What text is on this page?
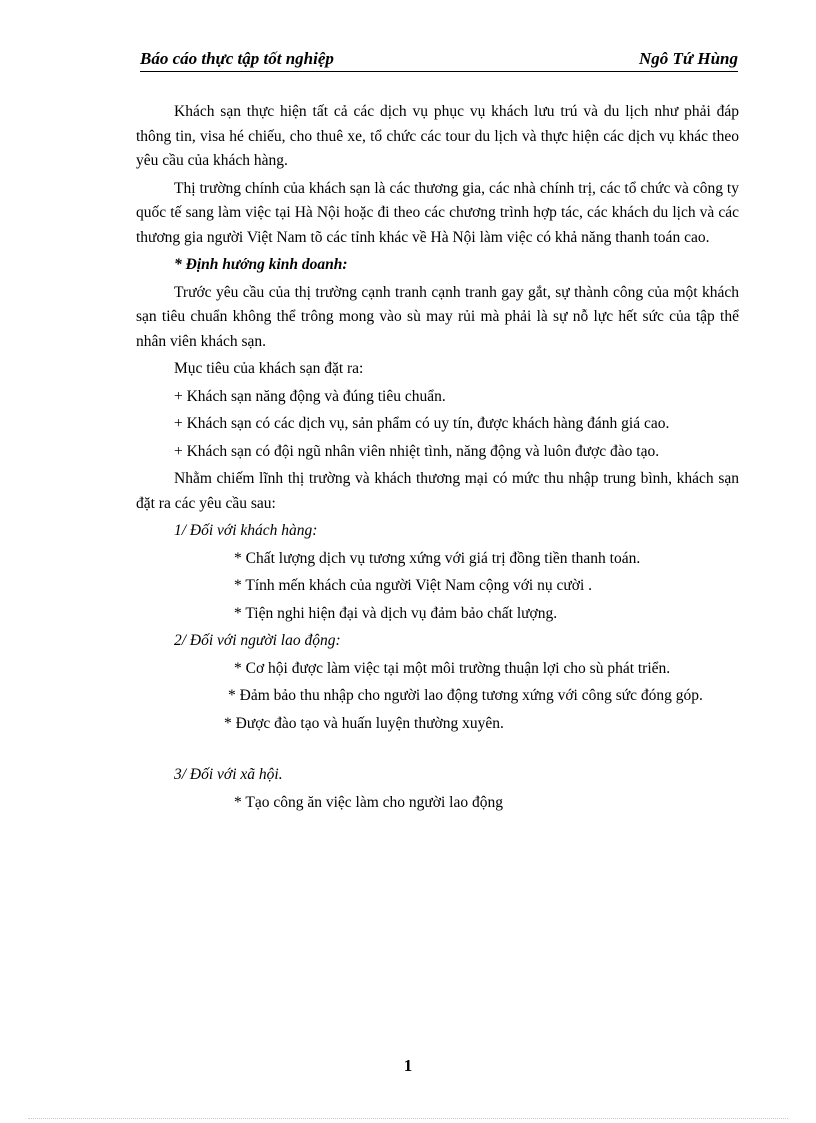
Báo cáo thực tập tốt nghiệp	Ngô Tứ Hùng

Khách sạn thực hiện tất cả các dịch vụ phục vụ khách lưu trú và du lịch như phải đáp thông tin, visa hé chiếu, cho thuê xe, tổ chức các tour du lịch và thực hiện các dịch vụ khác theo yêu cầu của khách hàng.

Thị trường chính của khách sạn là các thương gia, các nhà chính trị, các tổ chức và công ty quốc tế sang làm việc tại Hà Nội hoặc đi theo các chương trình hợp tác, các khách du lịch và các thương gia người Việt Nam tõ các tỉnh khác về Hà Nội làm việc có khả năng thanh toán cao.

* Định hướng kinh doanh:

Trước yêu cầu của thị trường cạnh tranh cạnh tranh gay gắt, sự thành công của một khách sạn tiêu chuẩn không thể trông mong vào sù may rủi mà phải là sự nỗ lực hết sức của tập thể nhân viên khách sạn.

Mục tiêu của khách sạn đặt ra:

+ Khách sạn năng động và đúng tiêu chuẩn.

+ Khách sạn có các dịch vụ, sản phẩm có uy tín, được khách hàng đánh giá cao.

+ Khách sạn có đội ngũ nhân viên nhiệt tình, năng động và luôn được đào tạo.

Nhằm chiếm lĩnh thị trường và khách thương mại có mức thu nhập trung bình, khách sạn đặt ra các yêu cầu sau:

1/ Đối với khách hàng:

* Chất lượng dịch vụ tương xứng với giá trị đồng tiền thanh toán.

* Tính mến khách của người Việt Nam cộng với nụ cười .

* Tiện nghi hiện đại và dịch vụ đảm bảo chất lượng.

2/ Đối với người lao động:

* Cơ hội được làm việc tại một môi trường thuận lợi cho sù phát triển.

* Đảm bảo thu nhập cho người lao động tương xứng với công sức đóng góp.

* Được đào tạo và huấn luyện thường xuyên.

3/ Đối với xã hội.

* Tạo công ăn việc làm cho người lao động

1
